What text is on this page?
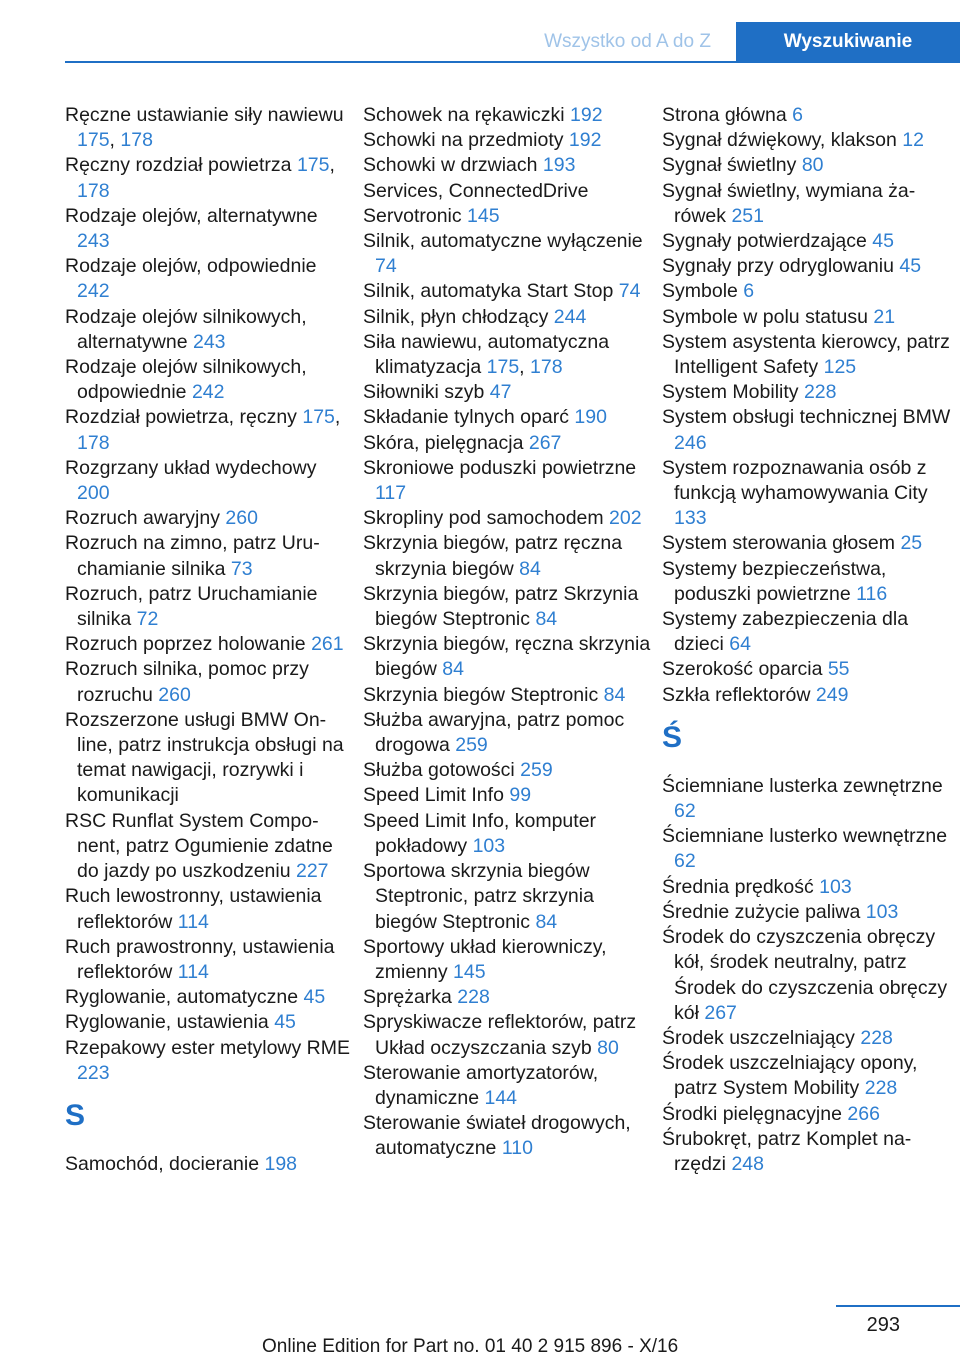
Wszystko od A do Z	Wyszukiwanie
Ręczne ustawianie siły nawiewu 175, 178
Ręczny rozdział powietrza 175, 178
Rodzaje olejów, alternatywne 243
Rodzaje olejów, odpowiednie 242
Rodzaje olejów silnikowych, alternatywne 243
Rodzaje olejów silnikowych, odpowiednie 242
Rozdział powietrza, ręczny 175, 178
Rozgrzany układ wydechowy 200
Rozruch awaryjny 260
Rozruch na zimno, patrz Uruchamianie silnika 73
Rozruch, patrz Uruchamianie silnika 72
Rozruch poprzez holowanie 261
Rozruch silnika, pomoc przy rozruchu 260
Rozszerzone usługi BMW Online, patrz instrukcja obsługi na temat nawigacji, rozrywki i komunikacji
RSC Runflat System Component, patrz Ogumienie zdatne do jazdy po uszkodzeniu 227
Ruch lewostronny, ustawienia reflektorów 114
Ruch prawostronny, ustawienia reflektorów 114
Ryglowanie, automatyczne 45
Ryglowanie, ustawienia 45
Rzepakowy ester metylowy RME 223
S
Samochód, docieranie 198
Schowek na rękawiczki 192
Schowki na przedmioty 192
Schowki w drzwiach 193
Services, ConnectedDrive
Servotronic 145
Silnik, automatyczne wyłączenie 74
Silnik, automatyka Start Stop 74
Silnik, płyn chłodzący 244
Siła nawiewu, automatyczna klimatyzacja 175, 178
Siłowniki szyb 47
Składanie tylnych oparć 190
Skóra, pielęgnacja 267
Skroniowe poduszki powietrzne 117
Skropliny pod samochodem 202
Skrzynia biegów, patrz ręczna skrzynia biegów 84
Skrzynia biegów, patrz Skrzynia biegów Steptronic 84
Skrzynia biegów, ręczna skrzynia biegów 84
Skrzynia biegów Steptronic 84
Służba awaryjna, patrz pomoc drogowa 259
Służba gotowości 259
Speed Limit Info 99
Speed Limit Info, komputer pokładowy 103
Sportowa skrzynia biegów Steptronic, patrz skrzynia biegów Steptronic 84
Sportowy układ kierowniczy, zmienny 145
Sprężarka 228
Spryskiwacze reflektorów, patrz Układ oczyszczania szyb 80
Sterowanie amortyzatorów, dynamiczne 144
Sterowanie świateł drogowych, automatyczne 110
Strona główna 6
Sygnał dźwiękowy, klakson 12
Sygnał świetlny 80
Sygnał świetlny, wymiana żarówek 251
Sygnały potwierdzające 45
Sygnały przy odryglowaniu 45
Symbole 6
Symbole w polu statusu 21
System asystenta kierowcy, patrz Intelligent Safety 125
System Mobility 228
System obsługi technicznej BMW 246
System rozpoznawania osób z funkcją wyhamowywania City 133
System sterowania głosem 25
Systemy bezpieczeństwa, poduszki powietrzne 116
Systemy zabezpieczenia dla dzieci 64
Szerokość oparcia 55
Szkła reflektorów 249
Ś
Ściemniane lusterka zewnętrzne 62
Ściemniane lusterko wewnętrzne 62
Średnia prędkość 103
Średnie zużycie paliwa 103
Środek do czyszczenia obręczy kół, środek neutralny, patrz Środek do czyszczenia obręczy kół 267
Środek uszczelniający 228
Środek uszczelniający opony, patrz System Mobility 228
Środki pielęgnacyjne 266
Śrubokręt, patrz Komplet narzędzi 248
293
Online Edition for Part no. 01 40 2 915 896 - X/16
